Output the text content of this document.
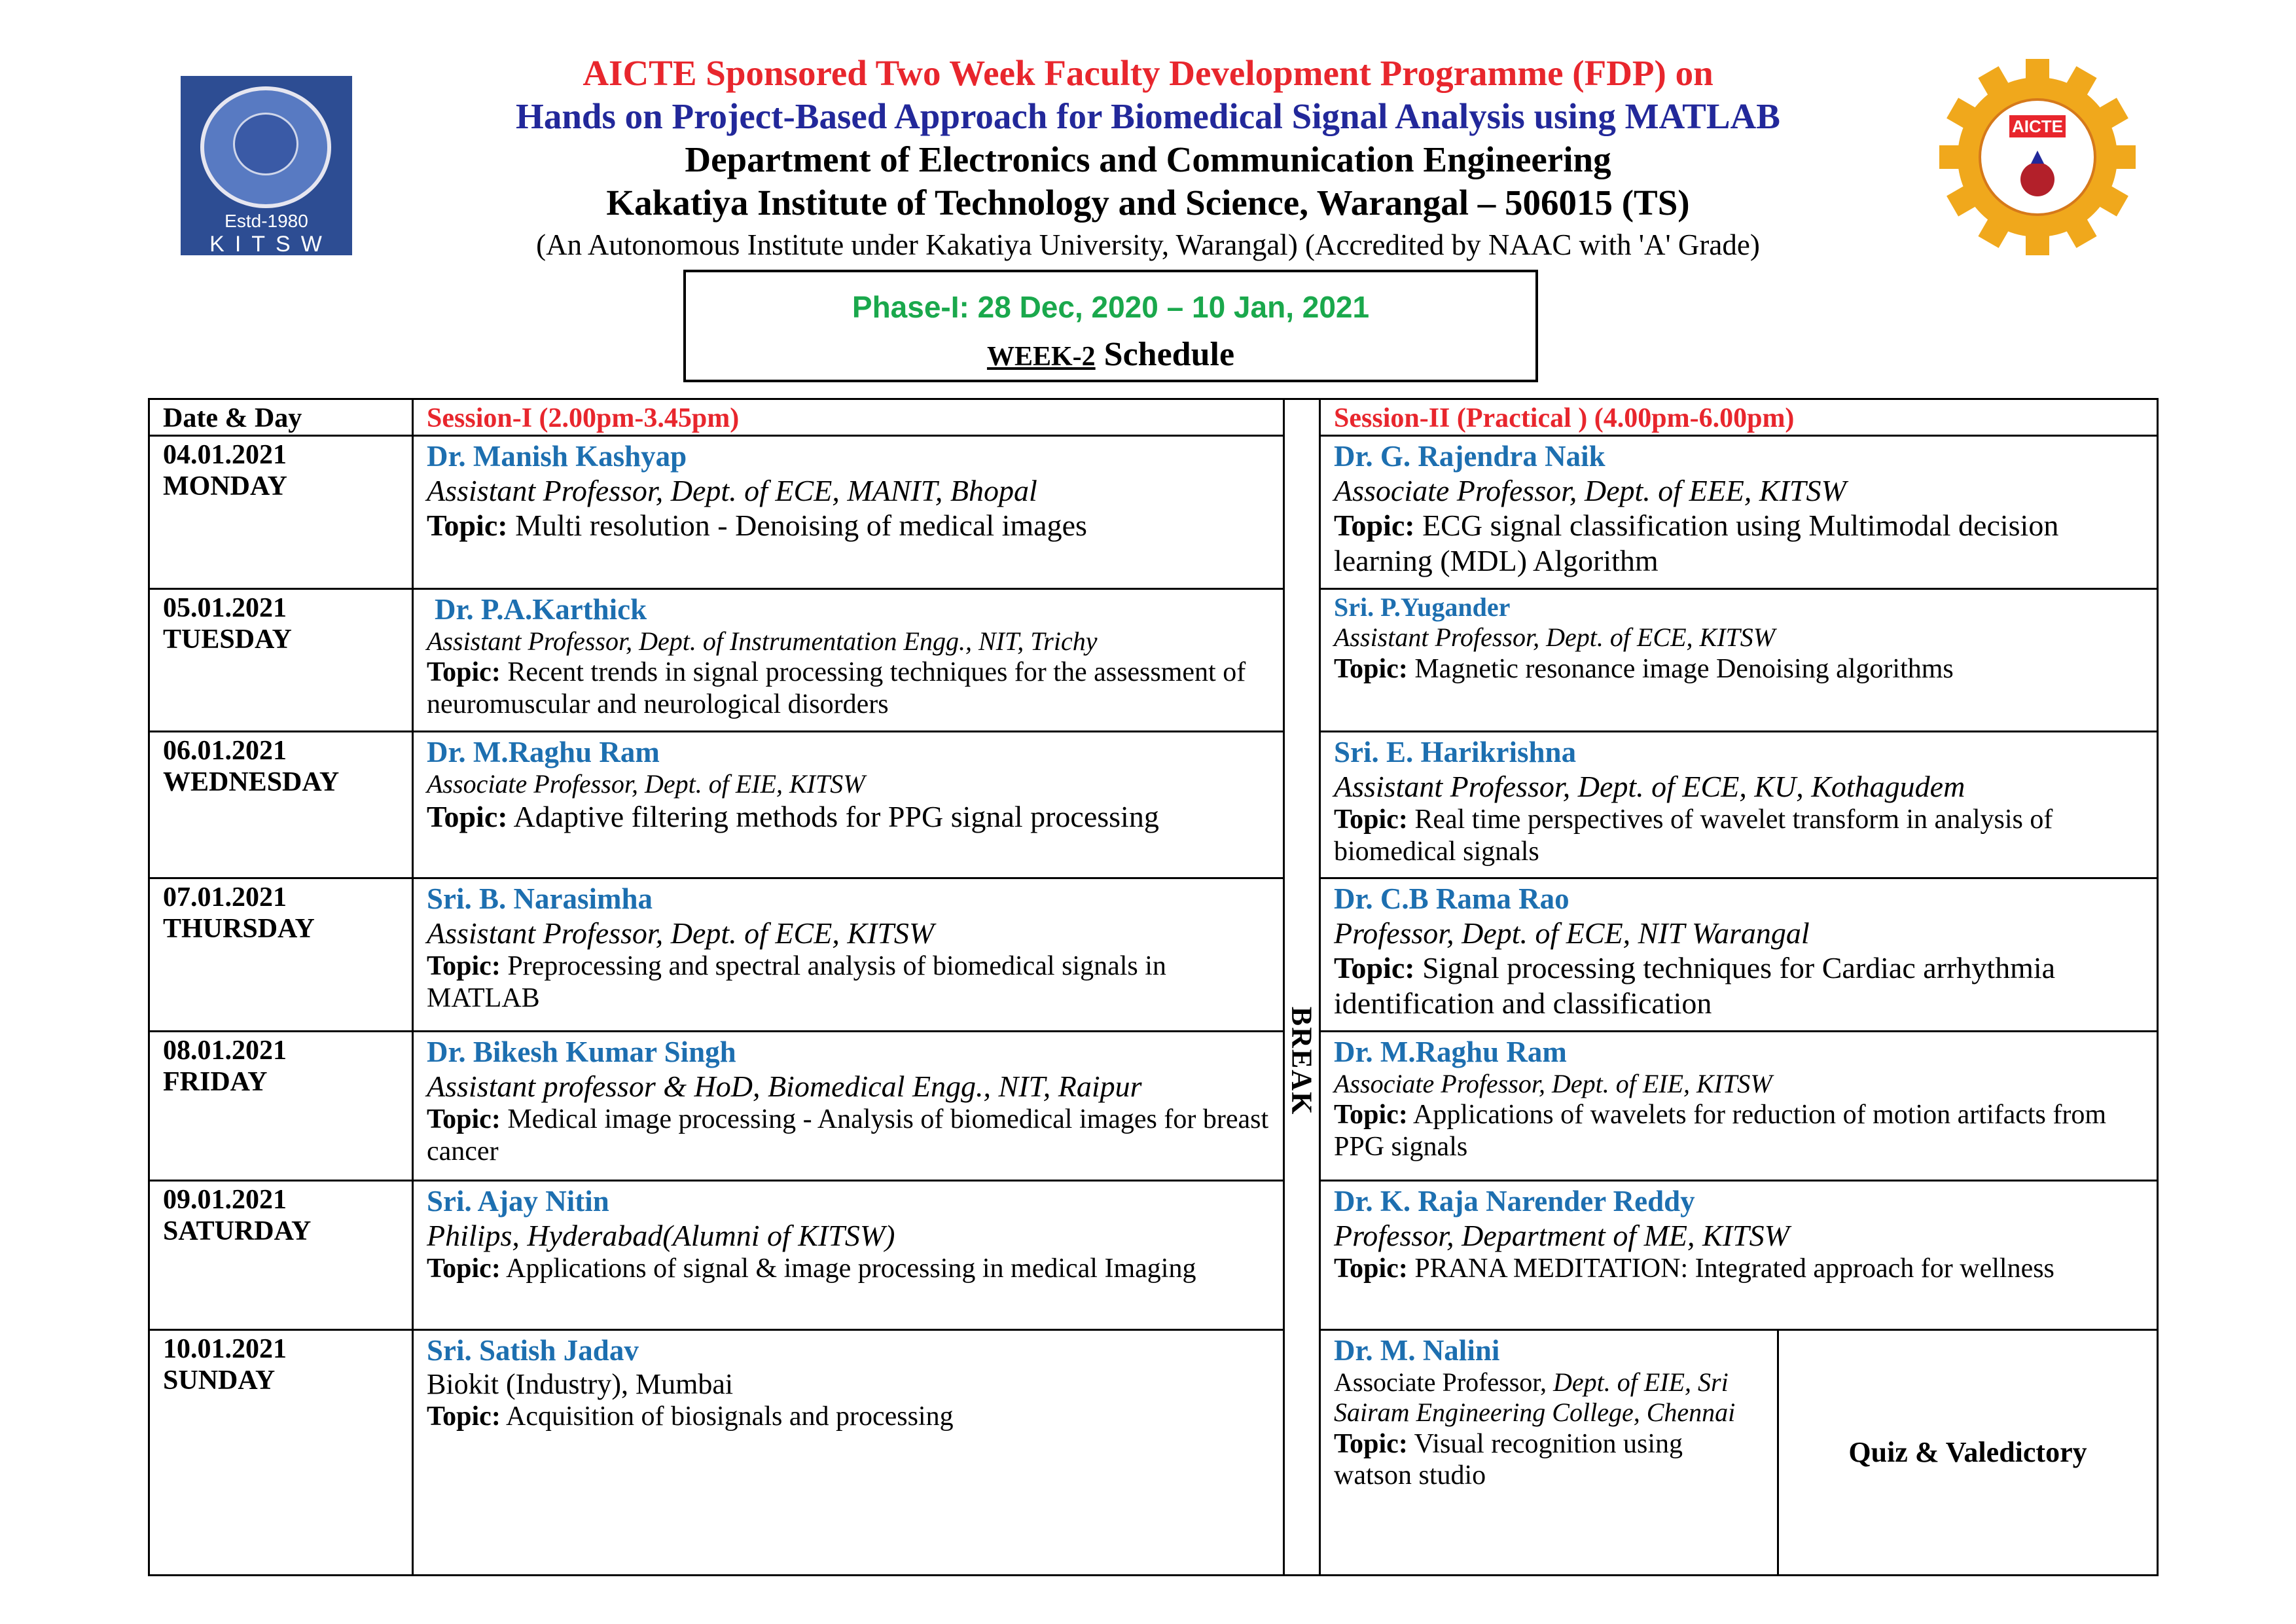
Estd-1980
KITSW
AICTE
AICTE Sponsored Two Week Faculty Development Programme (FDP) on
Hands on Project-Based Approach for Biomedical Signal Analysis using MATLAB
Department of Electronics and Communication Engineering
Kakatiya Institute of Technology and Science, Warangal – 506015 (TS)
(An Autonomous Institute under Kakatiya University, Warangal) (Accredited by NAAC with 'A' Grade)
Phase-I: 28 Dec, 2020 – 10 Jan, 2021
WEEK-2 Schedule
Date & Day	Session-I (2.00pm-3.45pm)	BREAK	Session-II (Practical ) (4.00pm-6.00pm)	

04.01.2021
MONDAY	Dr. Manish Kashyap
Assistant Professor, Dept. of ECE, MANIT, Bhopal
Topic: Multi resolution - Denoising of medical images		Dr. G. Rajendra Naik
Associate Professor, Dept. of EEE, KITSW
Topic: ECG signal classification using Multimodal decision learning (MDL) Algorithm	

05.01.2021
TUESDAY	Dr. P.A.Karthick
Assistant Professor, Dept. of Instrumentation Engg., NIT, Trichy
Topic: Recent trends in signal processing techniques for the assessment of neuromuscular and neurological disorders		Sri. P.Yugander
Assistant Professor, Dept. of ECE, KITSW
Topic: Magnetic resonance image Denoising algorithms	

06.01.2021
WEDNESDAY	Dr. M.Raghu Ram
Associate Professor, Dept. of EIE, KITSW
Topic: Adaptive filtering methods for PPG signal processing		Sri. E. Harikrishna
Assistant Professor, Dept. of ECE, KU, Kothagudem
Topic: Real time perspectives of wavelet transform in analysis of biomedical signals	

07.01.2021
THURSDAY	Sri. B. Narasimha
Assistant Professor, Dept. of ECE, KITSW
Topic: Preprocessing and spectral analysis of biomedical signals in MATLAB		Dr. C.B Rama Rao
Professor, Dept. of ECE, NIT Warangal
Topic: Signal processing techniques for Cardiac arrhythmia identification and classification	

08.01.2021
FRIDAY	Dr. Bikesh Kumar Singh
Assistant professor & HoD, Biomedical Engg., NIT, Raipur
Topic: Medical image processing - Analysis of biomedical images for breast cancer		Dr. M.Raghu Ram
Associate Professor, Dept. of EIE, KITSW
Topic: Applications of wavelets for reduction of motion artifacts from PPG signals	

09.01.2021
SATURDAY	Sri. Ajay Nitin
Philips, Hyderabad(Alumni of KITSW)
Topic: Applications of signal & image processing in medical Imaging		Dr. K. Raja Narender Reddy
Professor, Department of ME, KITSW
Topic: PRANA MEDITATION: Integrated approach for wellness	

10.01.2021
SUNDAY	Sri. Satish Jadav
Biokit (Industry), Mumbai
Topic: Acquisition of biosignals and processing		Dr. M. Nalini
Associate Professor, Dept. of EIE, Sri Sairam Engineering College, Chennai
Topic: Visual recognition using watson studio	Quiz & Valedictory
